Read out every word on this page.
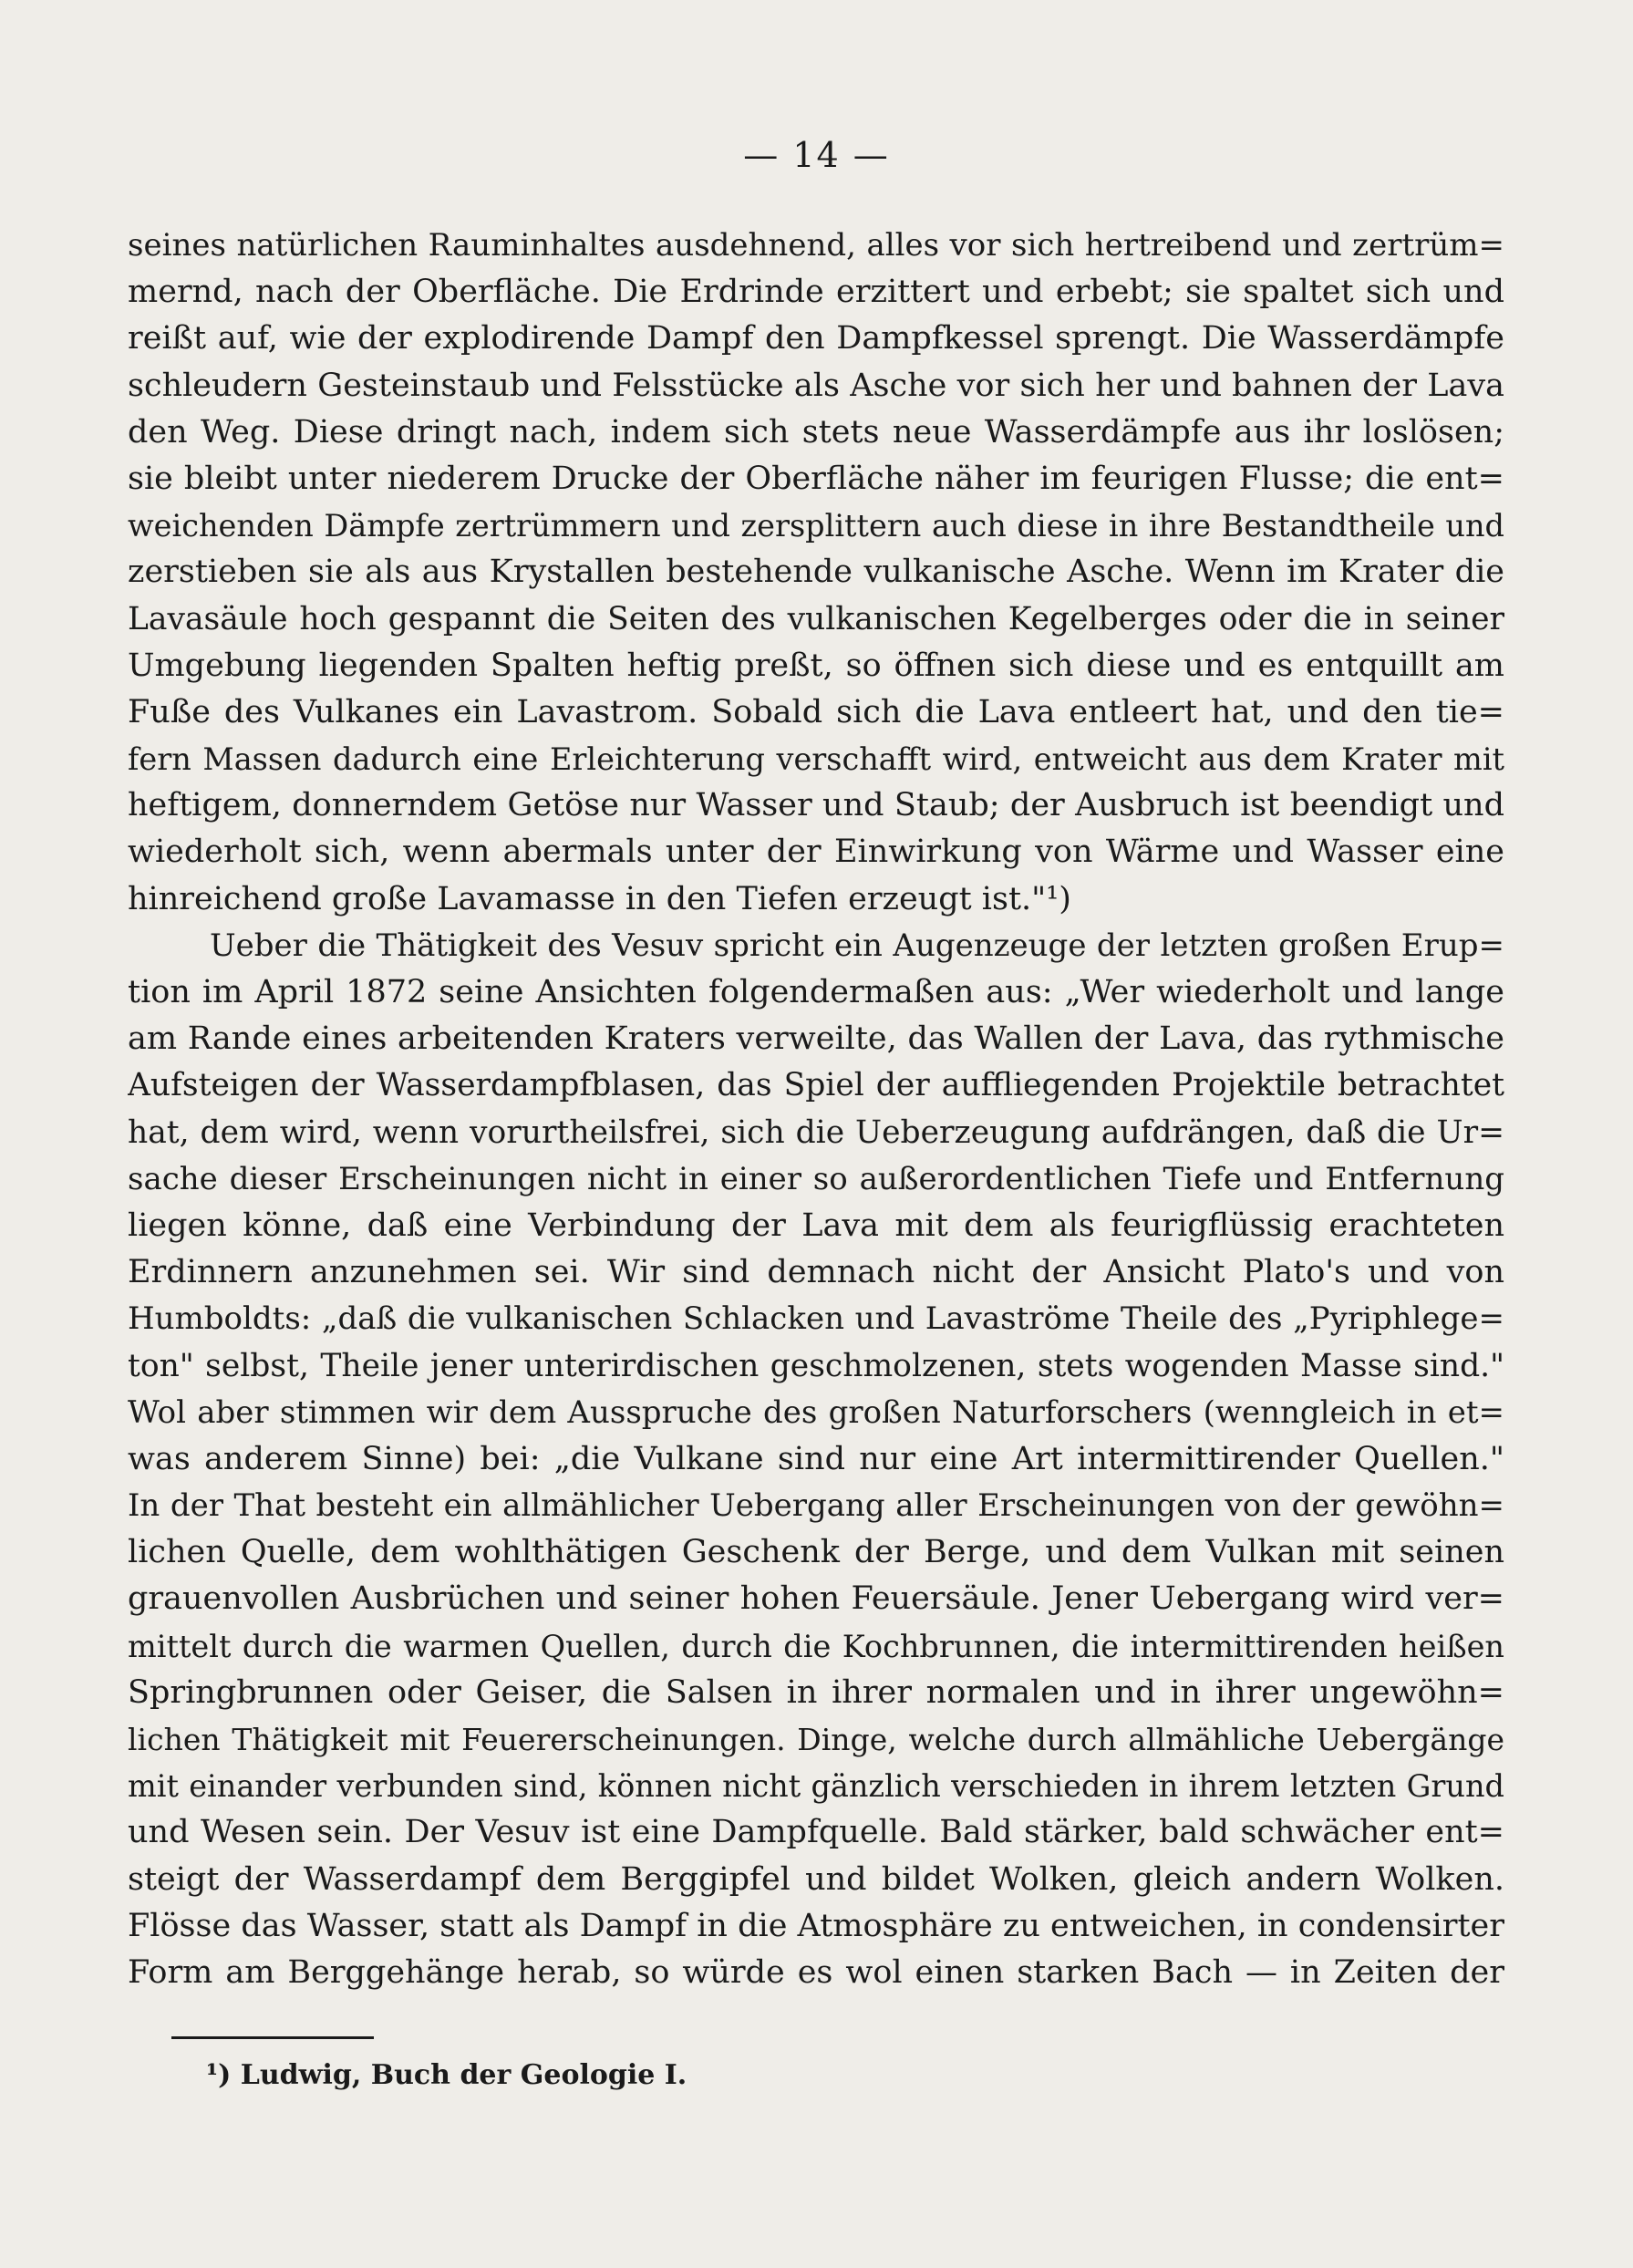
— 14 —
seines natürlichen Rauminhaltes ausdehnend, alles vor sich hertreibend und zertrüm=
mernd, nach der Oberfläche. Die Erdrinde erzittert und erbebt; sie spaltet sich und
reißt auf, wie der explodirende Dampf den Dampfkessel sprengt. Die Wasserdämpfe
schleudern Gesteinstaub und Felsstücke als Asche vor sich her und bahnen der Lava
den Weg. Diese dringt nach, indem sich stets neue Wasserdämpfe aus ihr loslösen;
sie bleibt unter niederem Drucke der Oberfläche näher im feurigen Flusse; die ent=
weichenden Dämpfe zertrümmern und zersplittern auch diese in ihre Bestandtheile und
zerstieben sie als aus Krystallen bestehende vulkanische Asche. Wenn im Krater die
Lavasäule hoch gespannt die Seiten des vulkanischen Kegelberges oder die in seiner
Umgebung liegenden Spalten heftig preßt, so öffnen sich diese und es entquillt am
Fuße des Vulkanes ein Lavastrom. Sobald sich die Lava entleert hat, und den tie=
fern Massen dadurch eine Erleichterung verschafft wird, entweicht aus dem Krater mit
heftigem, donnerndem Getöse nur Wasser und Staub; der Ausbruch ist beendigt und
wiederholt sich, wenn abermals unter der Einwirkung von Wärme und Wasser eine
hinreichend große Lavamasse in den Tiefen erzeugt ist."¹)
Ueber die Thätigkeit des Vesuv spricht ein Augenzeuge der letzten großen Erup=
tion im April 1872 seine Ansichten folgendermaßen aus: „Wer wiederholt und lange
am Rande eines arbeitenden Kraters verweilte, das Wallen der Lava, das rythmische
Aufsteigen der Wasserdampfblasen, das Spiel der auffliegenden Projektile betrachtet
hat, dem wird, wenn vorurtheilsfrei, sich die Ueberzeugung aufdrängen, daß die Ur=
sache dieser Erscheinungen nicht in einer so außerordentlichen Tiefe und Entfernung
liegen könne, daß eine Verbindung der Lava mit dem als feurigflüssig erachteten
Erdinnern anzunehmen sei. Wir sind demnach nicht der Ansicht Plato's und von
Humboldts: „daß die vulkanischen Schlacken und Lavaströme Theile des „Pyriphlege=
ton" selbst, Theile jener unterirdischen geschmolzenen, stets wogenden Masse sind."
Wol aber stimmen wir dem Ausspruche des großen Naturforschers (wenngleich in et=
was anderem Sinne) bei: „die Vulkane sind nur eine Art intermittirender Quellen."
In der That besteht ein allmählicher Uebergang aller Erscheinungen von der gewöhn=
lichen Quelle, dem wohlthätigen Geschenk der Berge, und dem Vulkan mit seinen
grauenvollen Ausbrüchen und seiner hohen Feuersäule. Jener Uebergang wird ver=
mittelt durch die warmen Quellen, durch die Kochbrunnen, die intermittirenden heißen
Springbrunnen oder Geiser, die Salsen in ihrer normalen und in ihrer ungewöhn=
lichen Thätigkeit mit Feuererscheinungen. Dinge, welche durch allmähliche Uebergänge
mit einander verbunden sind, können nicht gänzlich verschieden in ihrem letzten Grund
und Wesen sein. Der Vesuv ist eine Dampfquelle. Bald stärker, bald schwächer ent=
steigt der Wasserdampf dem Berggipfel und bildet Wolken, gleich andern Wolken.
Flösse das Wasser, statt als Dampf in die Atmosphäre zu entweichen, in condensirter
Form am Berggehänge herab, so würde es wol einen starken Bach — in Zeiten der
¹) Ludwig, Buch der Geologie I.
